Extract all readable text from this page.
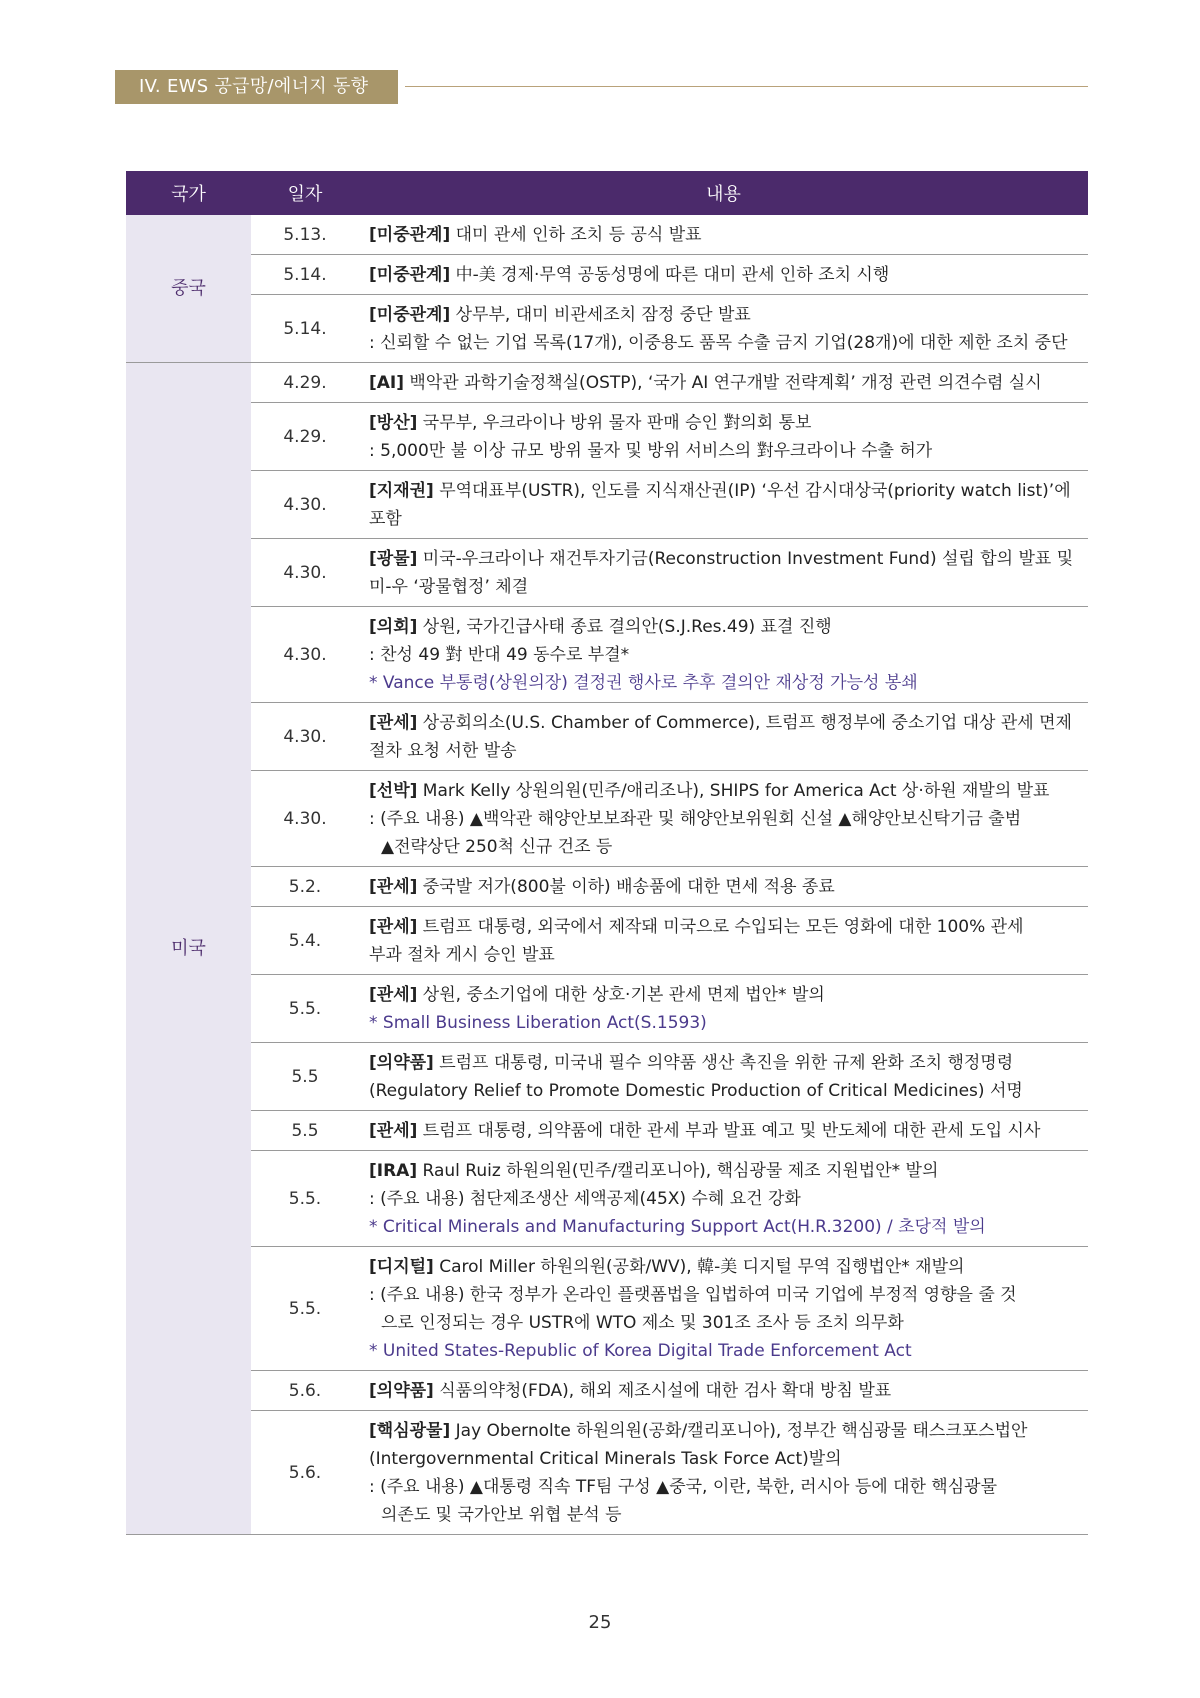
IV. EWS 공급망/에너지 동향
국가	일자	내용
중국	5.13.	[미중관계] 대미 관세 인하 조치 등 공식 발표

	5.14.	[미중관계] 中-美 경제·무역 공동성명에 따른 대미 관세 인하 조치 시행

	5.14.	[미중관계] 상무부, 대미 비관세조치 잠정 중단 발표
: 신뢰할 수 없는 기업 목록(17개), 이중용도 품목 수출 금지 기업(28개)에 대한 제한 조치 중단

미국	4.29.	[AI] 백악관 과학기술정책실(OSTP), ‘국가 AI 연구개발 전략계획’ 개정 관련 의견수렴 실시

	4.29.	[방산] 국무부, 우크라이나 방위 물자 판매 승인 對의회 통보
: 5,000만 불 이상 규모 방위 물자 및 방위 서비스의 對우크라이나 수출 허가

	4.30.	[지재권] 무역대표부(USTR), 인도를 지식재산권(IP) ‘우선 감시대상국(priority watch list)’에 포함

	4.30.	[광물] 미국-우크라이나 재건투자기금(Reconstruction Investment Fund) 설립 합의 발표 및
미-우 ‘광물협정’ 체결

	4.30.	[의회] 상원, 국가긴급사태 종료 결의안(S.J.Res.49) 표결 진행
: 찬성 49 對 반대 49 동수로 부결*
* Vance 부통령(상원의장) 결정권 행사로 추후 결의안 재상정 가능성 봉쇄

	4.30.	[관세] 상공회의소(U.S. Chamber of Commerce), 트럼프 행정부에 중소기업 대상 관세 면제
절차 요청 서한 발송

	4.30.	[선박] Mark Kelly 상원의원(민주/애리조나), SHIPS for America Act 상·하원 재발의 발표
: (주요 내용) ▲백악관 해양안보보좌관 및 해양안보위원회 신설 ▲해양안보신탁기금 출범
▲전략상단 250척 신규 건조 등

	5.2.	[관세] 중국발 저가(800불 이하) 배송품에 대한 면세 적용 종료

	5.4.	[관세] 트럼프 대통령, 외국에서 제작돼 미국으로 수입되는 모든 영화에 대한 100% 관세
부과 절차 게시 승인 발표

	5.5.	[관세] 상원, 중소기업에 대한 상호·기본 관세 면제 법안* 발의
* Small Business Liberation Act(S.1593)

	5.5	[의약품] 트럼프 대통령, 미국내 필수 의약품 생산 촉진을 위한 규제 완화 조치 행정명령
(Regulatory Relief to Promote Domestic Production of Critical Medicines) 서명

	5.5	[관세] 트럼프 대통령, 의약품에 대한 관세 부과 발표 예고 및 반도체에 대한 관세 도입 시사

	5.5.	[IRA] Raul Ruiz 하원의원(민주/캘리포니아), 핵심광물 제조 지원법안* 발의
: (주요 내용) 첨단제조생산 세액공제(45X) 수혜 요건 강화
* Critical Minerals and Manufacturing Support Act(H.R.3200) / 초당적 발의

	5.5.	[디지털] Carol Miller 하원의원(공화/WV), 韓-美 디지털 무역 집행법안* 재발의
: (주요 내용) 한국 정부가 온라인 플랫폼법을 입법하여 미국 기업에 부정적 영향을 줄 것
으로 인정되는 경우 USTR에 WTO 제소 및 301조 조사 등 조치 의무화
* United States-Republic of Korea Digital Trade Enforcement Act

	5.6.	[의약품] 식품의약청(FDA), 해외 제조시설에 대한 검사 확대 방침 발표

	5.6.	[핵심광물] Jay Obernolte 하원의원(공화/캘리포니아), 정부간 핵심광물 태스크포스법안
(Intergovernmental Critical Minerals Task Force Act)발의
: (주요 내용) ▲대통령 직속 TF팀 구성 ▲중국, 이란, 북한, 러시아 등에 대한 핵심광물
의존도 및 국가안보 위협 분석 등
25
